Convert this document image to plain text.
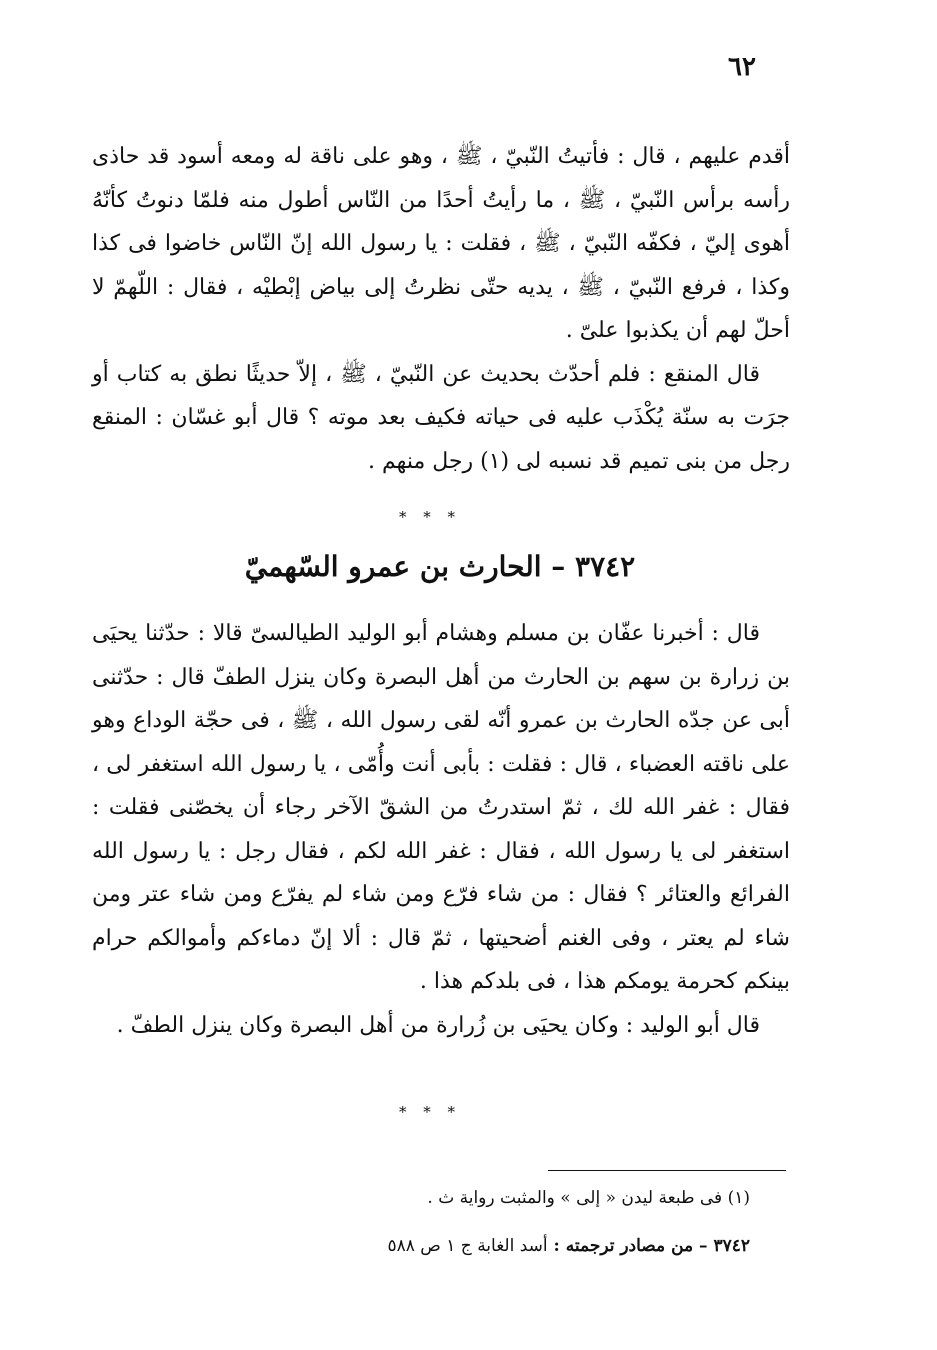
٦٢

أقدم عليهم ، قال : فأتيتُ النّبيّ ، ﷺ ، وهو على ناقة له ومعه أسود قد حاذى رأسه برأس النّبيّ ، ﷺ ، ما رأيتُ أحدًا من النّاس أطول منه فلمّا دنوتُ كأنّهُ أهوى إليّ ، فكفّه النّبيّ ، ﷺ ، فقلت : يا رسول الله إنّ النّاس خاضوا فى كذا وكذا ، فرفع النّبيّ ، ﷺ ، يديه حتّى نظرتُ إلى بياض إبْطيْه ، فقال : اللّهمّ لا أحلّ لهم أن يكذبوا علىّ .

قال المنقع : فلم أحدّث بحديث عن النّبيّ ، ﷺ ، إلاّ حديثًا نطق به كتاب أو جرَت به سنّة يُكْذَب عليه فى حياته فكيف بعد موته ؟ قال أبو غسّان : المنقع رجل من بنى تميم قد نسبه لى (١) رجل منهم .

* * *
٣٧٤٢ – الحارث بن عمرو السّهميّ

قال : أخبرنا عفّان بن مسلم وهشام أبو الوليد الطيالسىّ قالا : حدّثنا يحيَى بن زرارة بن سهم بن الحارث من أهل البصرة وكان ينزل الطفّ قال : حدّثنى أبى عن جدّه الحارث بن عمرو أنّه لقى رسول الله ، ﷺ ، فى حجّة الوداع وهو على ناقته العضباء ، قال : فقلت : بأبى أنت وأُمّى ، يا رسول الله استغفر لى ، فقال : غفر الله لك ، ثمّ استدرتُ من الشقّ الآخر رجاء أن يخصّنى فقلت : استغفر لى يا رسول الله ، فقال : غفر الله لكم ، فقال رجل : يا رسول الله الفرائع والعتائر ؟ فقال : من شاء فرّع ومن شاء لم يفرّع ومن شاء عتر ومن شاء لم يعتر ، وفى الغنم أضحيتها ، ثمّ قال : ألا إنّ دماءكم وأموالكم حرام بينكم كحرمة يومكم هذا ، فى بلدكم هذا .

قال أبو الوليد : وكان يحيَى بن زُرارة من أهل البصرة وكان ينزل الطفّ .

* * *
(١) فى طبعة ليدن « إلى » والمثبت رواية ث .
٣٧٤٢ – من مصادر ترجمته : أسد الغابة ج ١ ص ٥٨٨
